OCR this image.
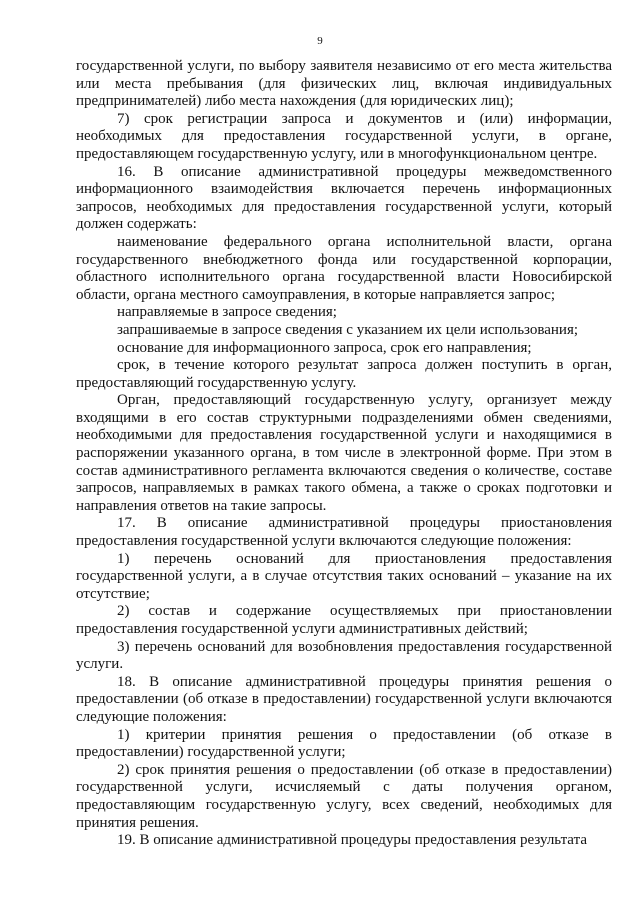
9

государственной услуги, по выбору заявителя независимо от его места жительства или места пребывания (для физических лиц, включая индивидуальных предпринимателей) либо места нахождения (для юридических лиц);

7) срок регистрации запроса и документов и (или) информации, необходимых для предоставления государственной услуги, в органе, предоставляющем государственную услугу, или в многофункциональном центре.

16. В описание административной процедуры межведомственного информационного взаимодействия включается перечень информационных запросов, необходимых для предоставления государственной услуги, который должен содержать:

наименование федерального органа исполнительной власти, органа государственного внебюджетного фонда или государственной корпорации, областного исполнительного органа государственной власти Новосибирской области, органа местного самоуправления, в которые направляется запрос;

направляемые в запросе сведения;

запрашиваемые в запросе сведения с указанием их цели использования;

основание для информационного запроса, срок его направления;

срок, в течение которого результат запроса должен поступить в орган, предоставляющий государственную услугу.

Орган, предоставляющий государственную услугу, организует между входящими в его состав структурными подразделениями обмен сведениями, необходимыми для предоставления государственной услуги и находящимися в распоряжении указанного органа, в том числе в электронной форме. При этом в состав административного регламента включаются сведения о количестве, составе запросов, направляемых в рамках такого обмена, а также о сроках подготовки и направления ответов на такие запросы.

17. В описание административной процедуры приостановления предоставления государственной услуги включаются следующие положения:

1) перечень оснований для приостановления предоставления государственной услуги, а в случае отсутствия таких оснований – указание на их отсутствие;

2) состав и содержание осуществляемых при приостановлении предоставления государственной услуги административных действий;

3) перечень оснований для возобновления предоставления государственной услуги.

18. В описание административной процедуры принятия решения о предоставлении (об отказе в предоставлении) государственной услуги включаются следующие положения:

1) критерии принятия решения о предоставлении (об отказе в предоставлении) государственной услуги;

2) срок принятия решения о предоставлении (об отказе в предоставлении) государственной услуги, исчисляемый с даты получения органом, предоставляющим государственную услугу, всех сведений, необходимых для принятия решения.

19. В описание административной процедуры предоставления результата
